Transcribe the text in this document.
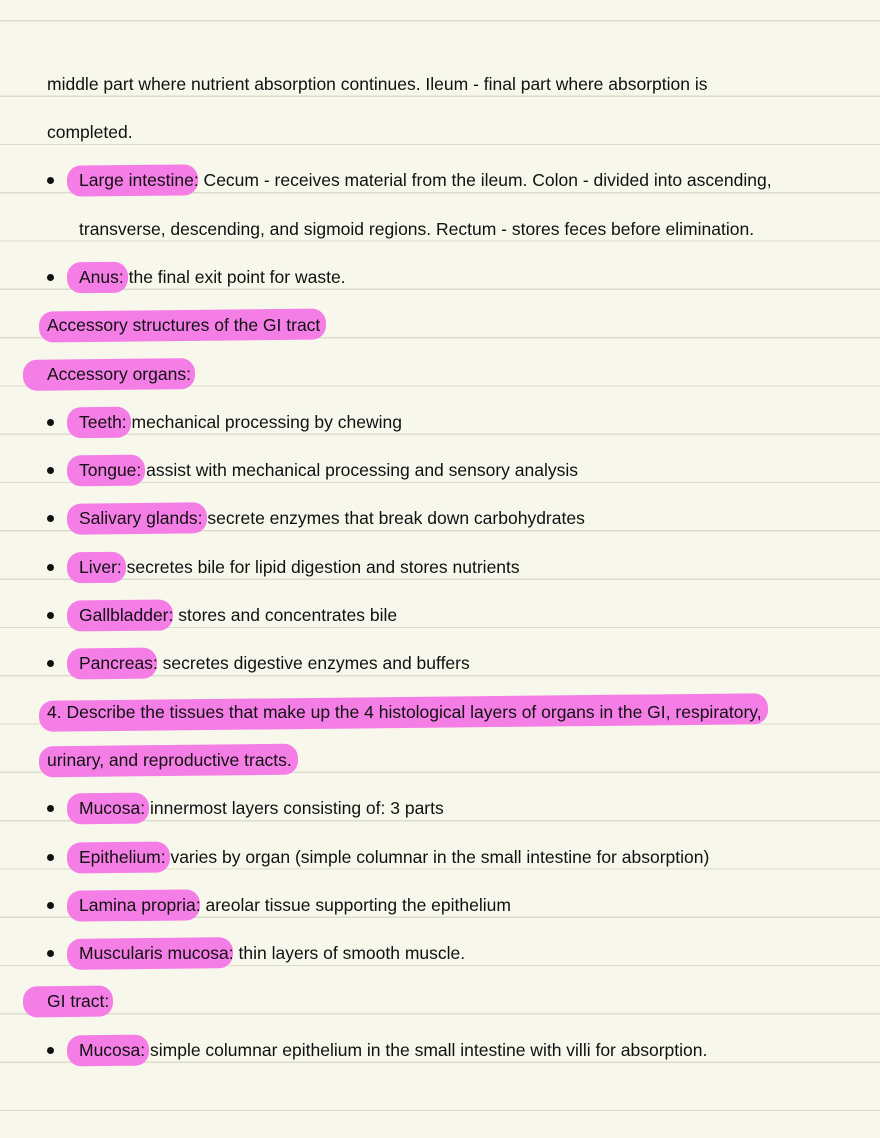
middle part where nutrient absorption continues. Ileum - final part where absorption is
completed.
Large intestine: Cecum - receives material from the ileum. Colon - divided into ascending,
transverse, descending, and sigmoid regions. Rectum - stores feces before elimination.
Anus: the final exit point for waste.
Accessory structures of the GI tract
Accessory organs:
Teeth: mechanical processing by chewing
Tongue: assist with mechanical processing and sensory analysis
Salivary glands: secrete enzymes that break down carbohydrates
Liver: secretes bile for lipid digestion and stores nutrients
Gallbladder: stores and concentrates bile
Pancreas: secretes digestive enzymes and buffers
4. Describe the tissues that make up the 4 histological layers of organs in the GI, respiratory,
urinary, and reproductive tracts.
Mucosa: innermost layers consisting of: 3 parts
Epithelium: varies by organ (simple columnar in the small intestine for absorption)
Lamina propria: areolar tissue supporting the epithelium
Muscularis mucosa: thin layers of smooth muscle.
GI tract:
Mucosa: simple columnar epithelium in the small intestine with villi for absorption.
